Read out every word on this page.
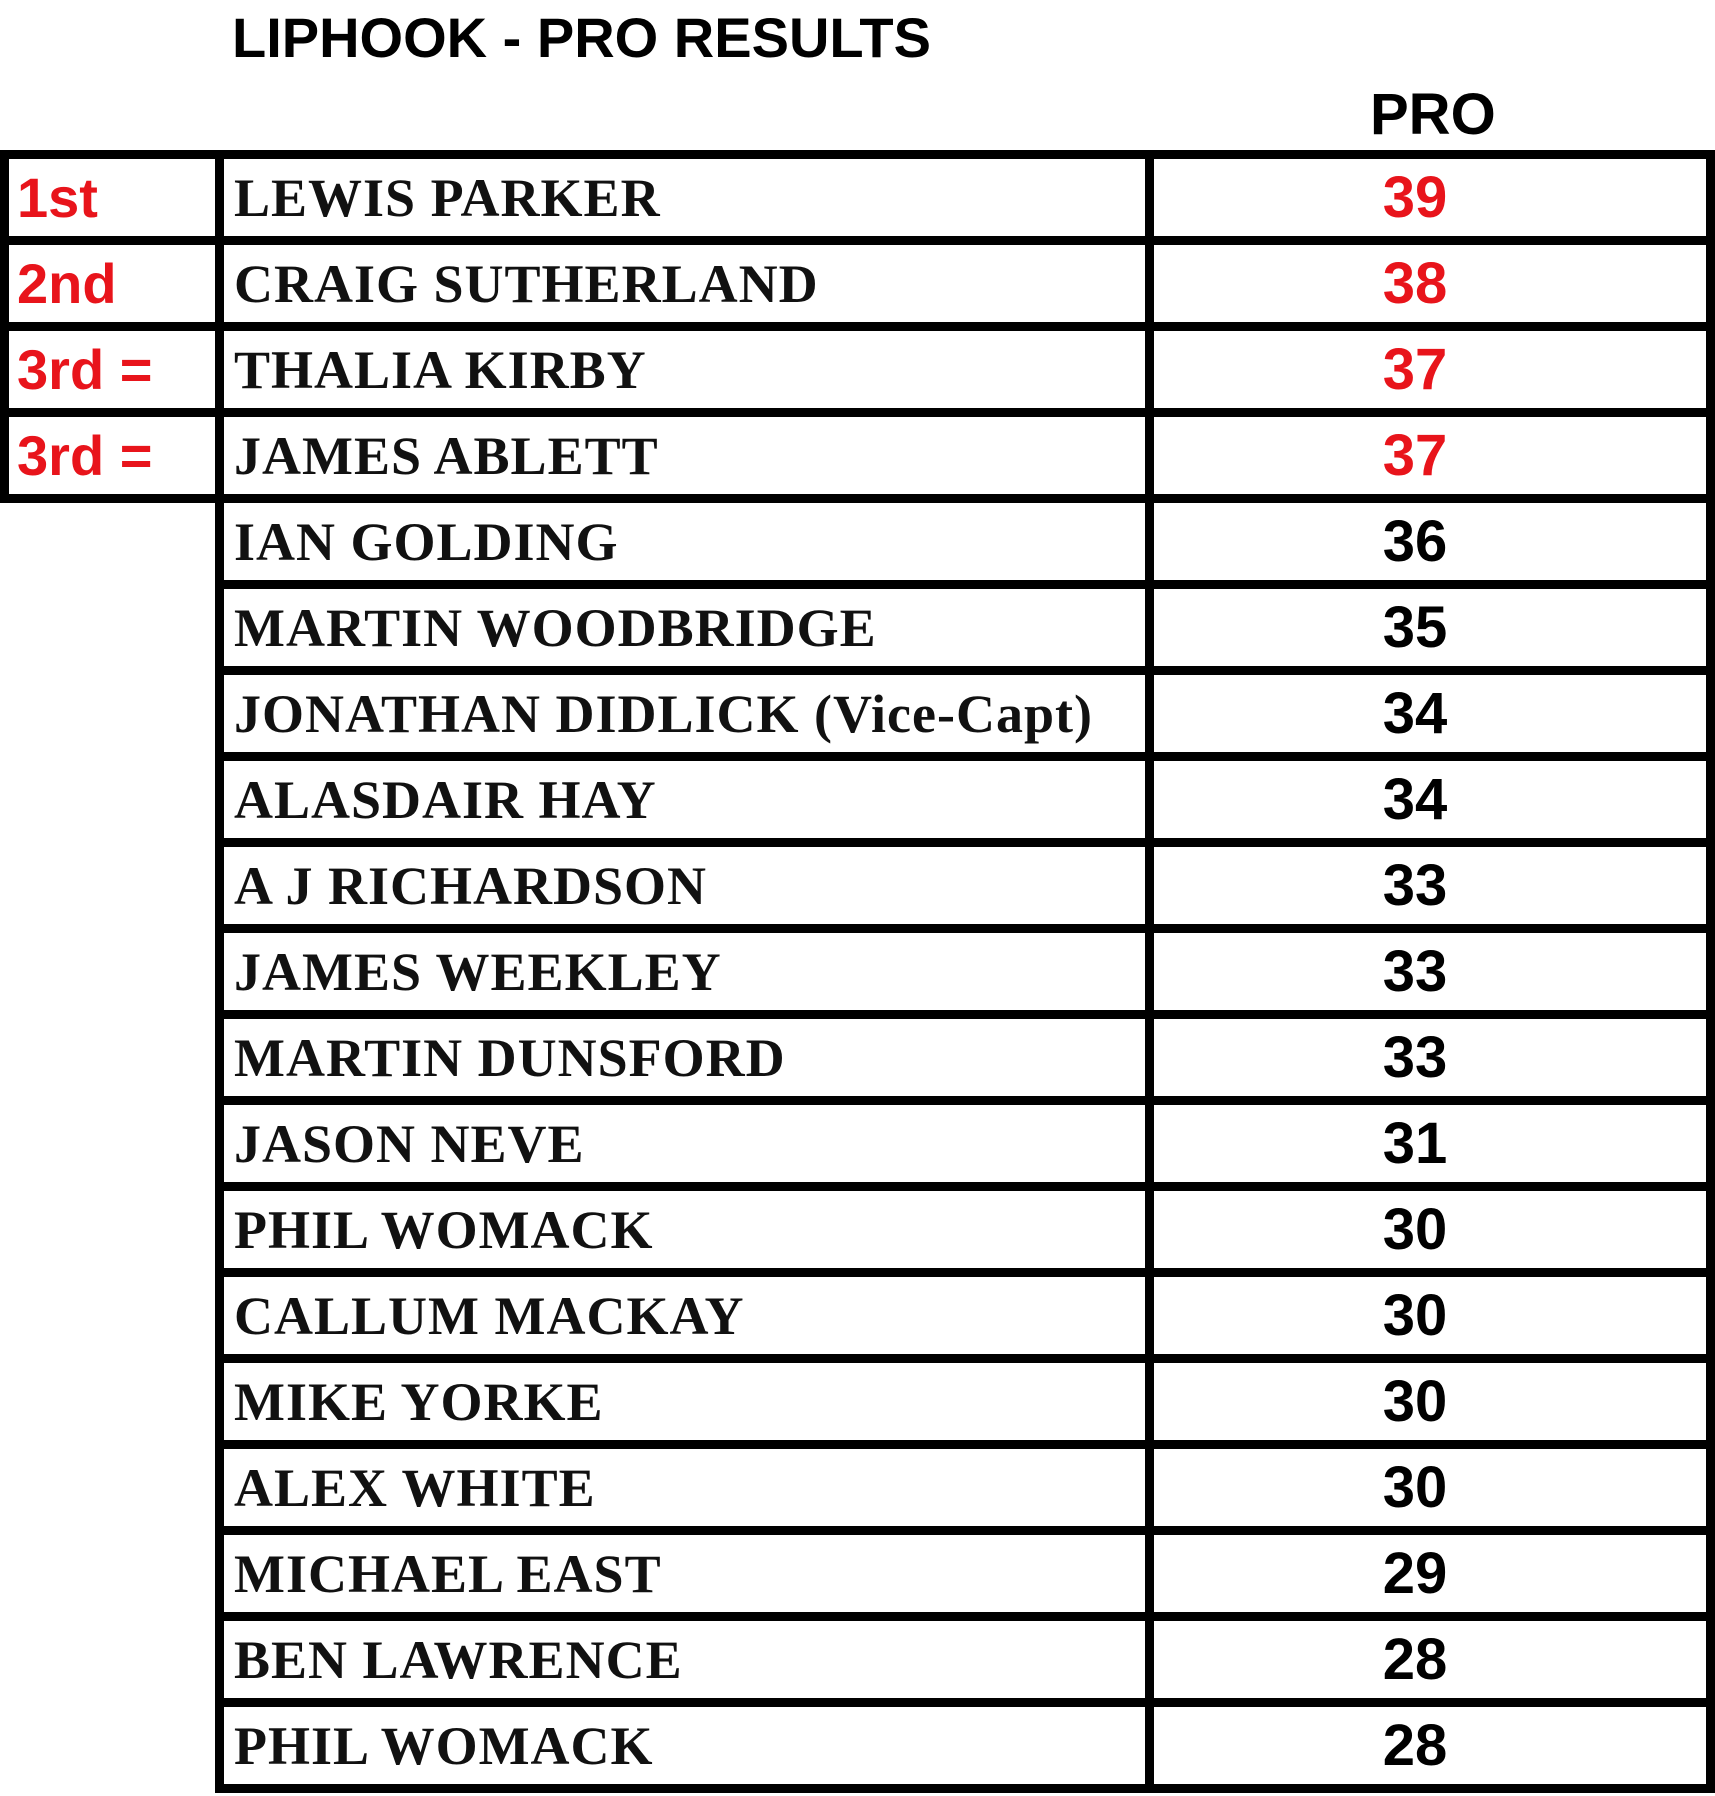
LIPHOOK - PRO RESULTS
PRO
1st	LEWIS PARKER	39
2nd	CRAIG SUTHERLAND	38
3rd =	THALIA KIRBY	37
3rd =	JAMES ABLETT	37
IAN GOLDING	36
MARTIN WOODBRIDGE	35
JONATHAN DIDLICK (Vice-Capt)	34
ALASDAIR HAY	34
A J RICHARDSON	33
JAMES WEEKLEY	33
MARTIN DUNSFORD	33
JASON NEVE	31
PHIL WOMACK	30
CALLUM MACKAY	30
MIKE YORKE	30
ALEX WHITE	30
MICHAEL EAST	29
BEN LAWRENCE	28
PHIL WOMACK	28
